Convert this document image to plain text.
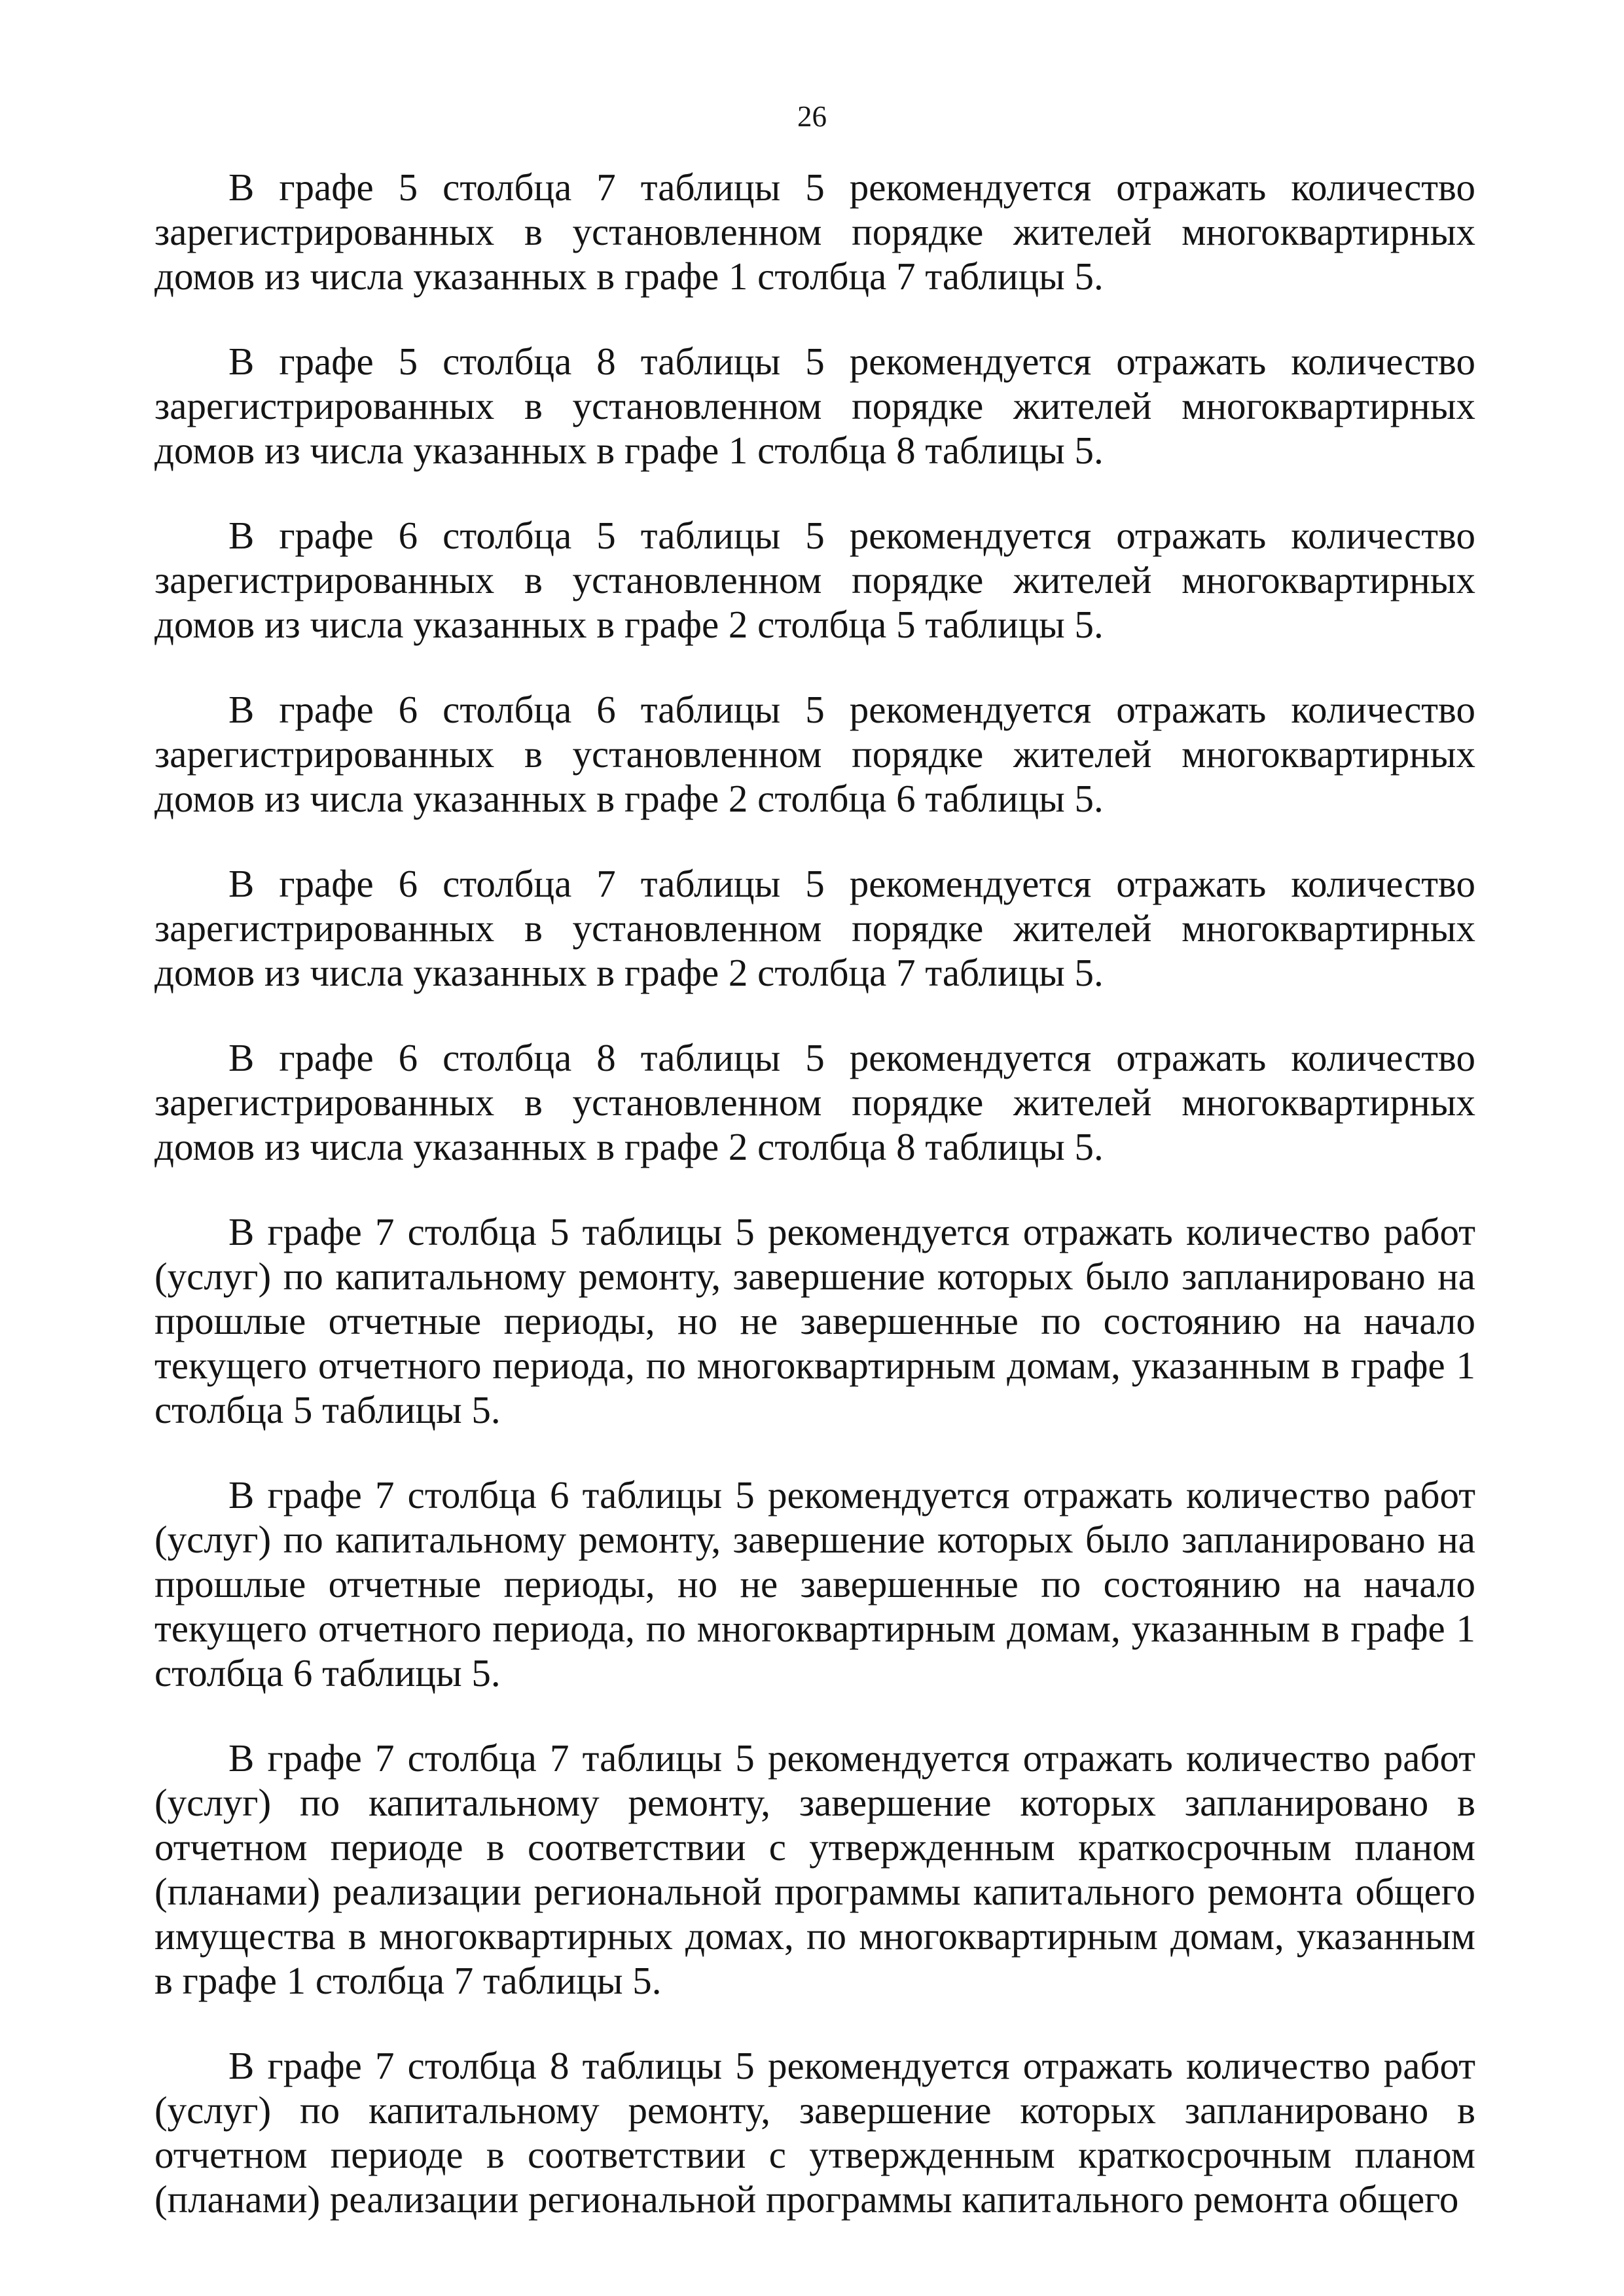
26

В графе 5 столбца 7 таблицы 5 рекомендуется отражать количество зарегистрированных в установленном порядке жителей многоквартирных домов из числа указанных в графе 1 столбца 7 таблицы 5.

В графе 5 столбца 8 таблицы 5 рекомендуется отражать количество зарегистрированных в установленном порядке жителей многоквартирных домов из числа указанных в графе 1 столбца 8 таблицы 5.

В графе 6 столбца 5 таблицы 5 рекомендуется отражать количество зарегистрированных в установленном порядке жителей многоквартирных домов из числа указанных в графе 2 столбца 5 таблицы 5.

В графе 6 столбца 6 таблицы 5 рекомендуется отражать количество зарегистрированных в установленном порядке жителей многоквартирных домов из числа указанных в графе 2 столбца 6 таблицы 5.

В графе 6 столбца 7 таблицы 5 рекомендуется отражать количество зарегистрированных в установленном порядке жителей многоквартирных домов из числа указанных в графе 2 столбца 7 таблицы 5.

В графе 6 столбца 8 таблицы 5 рекомендуется отражать количество зарегистрированных в установленном порядке жителей многоквартирных домов из числа указанных в графе 2 столбца 8 таблицы 5.

В графе 7 столбца 5 таблицы 5 рекомендуется отражать количество работ (услуг) по капитальному ремонту, завершение которых было запланировано на прошлые отчетные периоды, но не завершенные по состоянию на начало текущего отчетного периода, по многоквартирным домам, указанным в графе 1 столбца 5 таблицы 5.

В графе 7 столбца 6 таблицы 5 рекомендуется отражать количество работ (услуг) по капитальному ремонту, завершение которых было запланировано на прошлые отчетные периоды, но не завершенные по состоянию на начало текущего отчетного периода, по многоквартирным домам, указанным в графе 1 столбца 6 таблицы 5.

В графе 7 столбца 7 таблицы 5 рекомендуется отражать количество работ (услуг) по капитальному ремонту, завершение которых запланировано в отчетном периоде в соответствии с утвержденным краткосрочным планом (планами) реализации региональной программы капитального ремонта общего имущества в многоквартирных домах, по многоквартирным домам, указанным в графе 1 столбца 7 таблицы 5.

В графе 7 столбца 8 таблицы 5 рекомендуется отражать количество работ (услуг) по капитальному ремонту, завершение которых запланировано в отчетном периоде в соответствии с утвержденным краткосрочным планом (планами) реализации региональной программы капитального ремонта общего
